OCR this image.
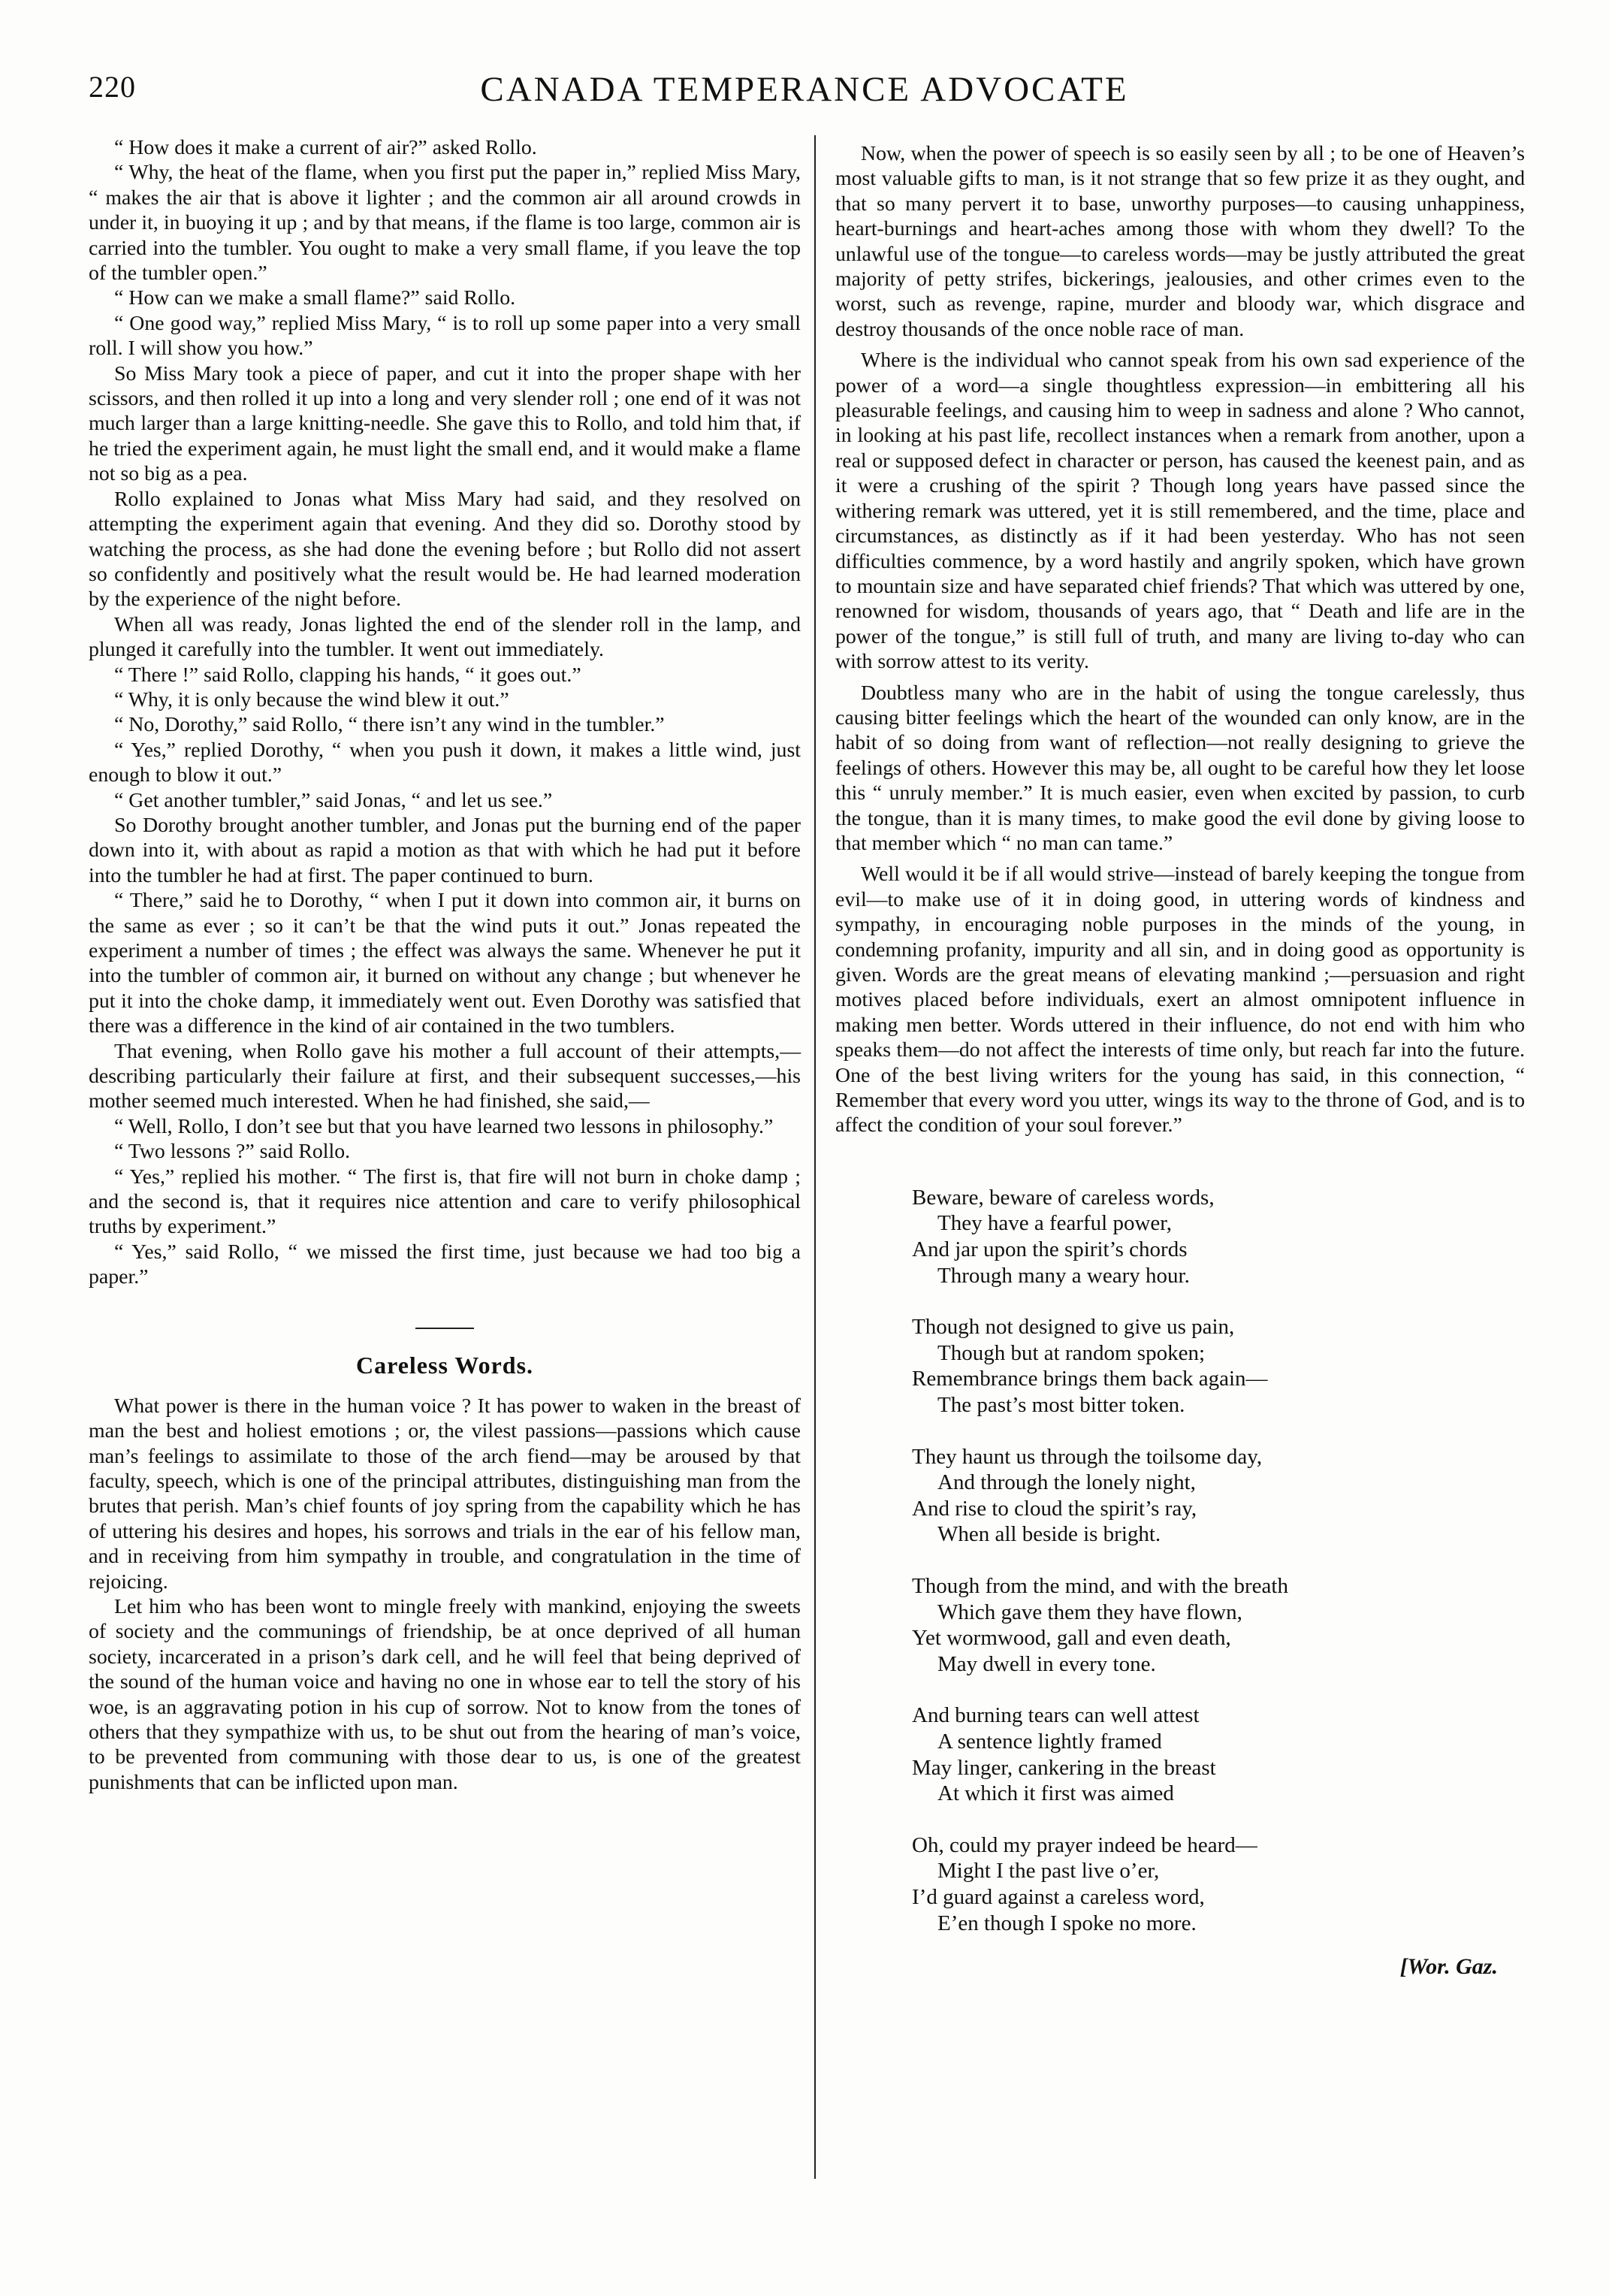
220	CANADA TEMPERANCE ADVOCATE

“ How does it make a current of air?” asked Rollo.

“ Why, the heat of the flame, when you first put the paper in,” replied Miss Mary, “ makes the air that is above it lighter ; and the common air all around crowds in under it, in buoying it up ; and by that means, if the flame is too large, common air is carried into the tumbler. You ought to make a very small flame, if you leave the top of the tumbler open.”

“ How can we make a small flame?” said Rollo.

“ One good way,” replied Miss Mary, “ is to roll up some paper into a very small roll. I will show you how.”

So Miss Mary took a piece of paper, and cut it into the proper shape with her scissors, and then rolled it up into a long and very slender roll ; one end of it was not much larger than a large knitting-needle. She gave this to Rollo, and told him that, if he tried the experiment again, he must light the small end, and it would make a flame not so big as a pea.

Rollo explained to Jonas what Miss Mary had said, and they resolved on attempting the experiment again that evening. And they did so. Dorothy stood by watching the process, as she had done the evening before ; but Rollo did not assert so confidently and positively what the result would be. He had learned moderation by the experience of the night before.

When all was ready, Jonas lighted the end of the slender roll in the lamp, and plunged it carefully into the tumbler. It went out immediately.

“ There !” said Rollo, clapping his hands, “ it goes out.”

“ Why, it is only because the wind blew it out.”

“ No, Dorothy,” said Rollo, “ there isn’t any wind in the tumbler.”

“ Yes,” replied Dorothy, “ when you push it down, it makes a little wind, just enough to blow it out.”

“ Get another tumbler,” said Jonas, “ and let us see.”

So Dorothy brought another tumbler, and Jonas put the burning end of the paper down into it, with about as rapid a motion as that with which he had put it before into the tumbler he had at first. The paper continued to burn.

“ There,” said he to Dorothy, “ when I put it down into common air, it burns on the same as ever ; so it can’t be that the wind puts it out.” Jonas repeated the experiment a number of times ; the effect was always the same. Whenever he put it into the tumbler of common air, it burned on without any change ; but whenever he put it into the choke damp, it immediately went out. Even Dorothy was satisfied that there was a difference in the kind of air contained in the two tumblers.

That evening, when Rollo gave his mother a full account of their attempts,—describing particularly their failure at first, and their subsequent successes,—his mother seemed much interested. When he had finished, she said,—

“ Well, Rollo, I don’t see but that you have learned two lessons in philosophy.”

“ Two lessons ?” said Rollo.

“ Yes,” replied his mother. “ The first is, that fire will not burn in choke damp ; and the second is, that it requires nice attention and care to verify philosophical truths by experiment.”

“ Yes,” said Rollo, “ we missed the first time, just because we had too big a paper.”

Careless Words.

What power is there in the human voice ? It has power to waken in the breast of man the best and holiest emotions ; or, the vilest passions—passions which cause man’s feelings to assimilate to those of the arch fiend—may be aroused by that faculty, speech, which is one of the principal attributes, distinguishing man from the brutes that perish. Man’s chief founts of joy spring from the capability which he has of uttering his desires and hopes, his sorrows and trials in the ear of his fellow man, and in receiving from him sympathy in trouble, and congratulation in the time of rejoicing.

Let him who has been wont to mingle freely with mankind, enjoying the sweets of society and the communings of friendship, be at once deprived of all human society, incarcerated in a prison’s dark cell, and he will feel that being deprived of the sound of the human voice and having no one in whose ear to tell the story of his woe, is an aggravating potion in his cup of sorrow. Not to know from the tones of others that they sympathize with us, to be shut out from the hearing of man’s voice, to be prevented from communing with those dear to us, is one of the greatest punishments that can be inflicted upon man.

Now, when the power of speech is so easily seen by all ; to be one of Heaven’s most valuable gifts to man, is it not strange that so few prize it as they ought, and that so many pervert it to base, unworthy purposes—to causing unhappiness, heart-burnings and heart-aches among those with whom they dwell? To the unlawful use of the tongue—to careless words—may be justly attributed the great majority of petty strifes, bickerings, jealousies, and other crimes even to the worst, such as revenge, rapine, murder and bloody war, which disgrace and destroy thousands of the once noble race of man.

Where is the individual who cannot speak from his own sad experience of the power of a word—a single thoughtless expression—in embittering all his pleasurable feelings, and causing him to weep in sadness and alone ? Who cannot, in looking at his past life, recollect instances when a remark from another, upon a real or supposed defect in character or person, has caused the keenest pain, and as it were a crushing of the spirit ? Though long years have passed since the withering remark was uttered, yet it is still remembered, and the time, place and circumstances, as distinctly as if it had been yesterday. Who has not seen difficulties commence, by a word hastily and angrily spoken, which have grown to mountain size and have separated chief friends? That which was uttered by one, renowned for wisdom, thousands of years ago, that “ Death and life are in the power of the tongue,” is still full of truth, and many are living to-day who can with sorrow attest to its verity.

Doubtless many who are in the habit of using the tongue carelessly, thus causing bitter feelings which the heart of the wounded can only know, are in the habit of so doing from want of reflection—not really designing to grieve the feelings of others. However this may be, all ought to be careful how they let loose this “ unruly member.” It is much easier, even when excited by passion, to curb the tongue, than it is many times, to make good the evil done by giving loose to that member which “ no man can tame.”

Well would it be if all would strive—instead of barely keeping the tongue from evil—to make use of it in doing good, in uttering words of kindness and sympathy, in encouraging noble purposes in the minds of the young, in condemning profanity, impurity and all sin, and in doing good as opportunity is given. Words are the great means of elevating mankind ;—persuasion and right motives placed before individuals, exert an almost omnipotent influence in making men better. Words uttered in their influence, do not end with him who speaks them—do not affect the interests of time only, but reach far into the future. One of the best living writers for the young has said, in this connection, “ Remember that every word you utter, wings its way to the throne of God, and is to affect the condition of your soul forever.”

Beware, beware of careless words,
They have a fearful power,
And jar upon the spirit’s chords
Through many a weary hour.
Though not designed to give us pain,
Though but at random spoken;
Remembrance brings them back again—
The past’s most bitter token.
They haunt us through the toilsome day,
And through the lonely night,
And rise to cloud the spirit’s ray,
When all beside is bright.
Though from the mind, and with the breath
Which gave them they have flown,
Yet wormwood, gall and even death,
May dwell in every tone.
And burning tears can well attest
A sentence lightly framed
May linger, cankering in the breast
At which it first was aimed
Oh, could my prayer indeed be heard—
Might I the past live o’er,
I’d guard against a careless word,
E’en though I spoke no more.
[Wor. Gaz.
